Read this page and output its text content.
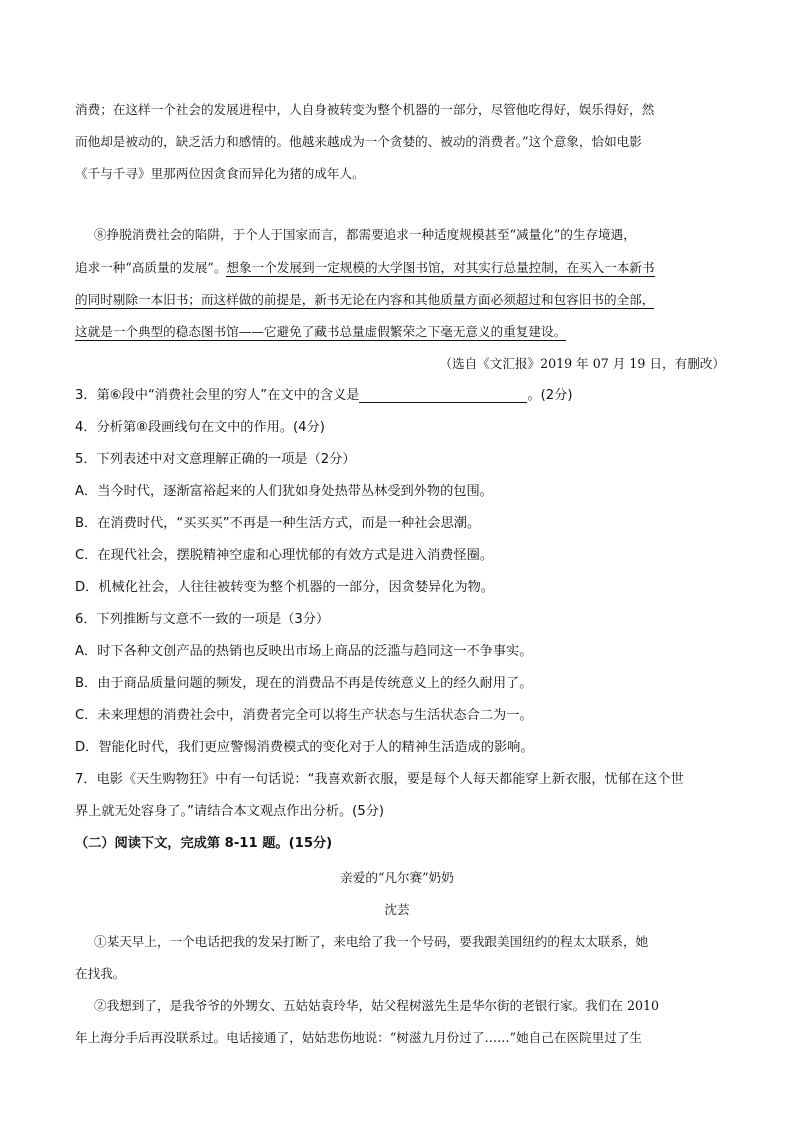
消费；在这样一个社会的发展进程中，人自身被转变为整个机器的一部分，尽管他吃得好，娱乐得好，然
而他却是被动的，缺乏活力和感情的。他越来越成为一个贪婪的、被动的消费者。”这个意象，恰如电影
《千与千寻》里那两位因贪食而异化为猪的成年人。
⑧挣脱消费社会的陷阱，于个人于国家而言，都需要追求一种适度规模甚至“减量化”的生存境遇，
追求一种“高质量的发展”。想象一个发展到一定规模的大学图书馆，对其实行总量控制，在买入一本新书
的同时剔除一本旧书；而这样做的前提是，新书无论在内容和其他质量方面必须超过和包容旧书的全部，
这就是一个典型的稳态图书馆——它避免了藏书总量虚假繁荣之下毫无意义的重复建设。
（选自《文汇报》2019 年 07 月 19 日，有删改）
3．第⑥段中“消费社会里的穷人”在文中的含义是	。(2分)
4．分析第⑧段画线句在文中的作用。(4分)
5．下列表述中对文意理解正确的一项是（2分）
A．当今时代，逐渐富裕起来的人们犹如身处热带丛林受到外物的包围。
B．在消费时代，“买买买”不再是一种生活方式，而是一种社会思潮。
C．在现代社会，摆脱精神空虚和心理忧郁的有效方式是进入消费怪圈。
D．机械化社会，人往往被转变为整个机器的一部分，因贪婪异化为物。
6．下列推断与文意不一致的一项是（3分）
A．时下各种文创产品的热销也反映出市场上商品的泛滥与趋同这一不争事实。
B．由于商品质量问题的频发，现在的消费品不再是传统意义上的经久耐用了。
C．未来理想的消费社会中，消费者完全可以将生产状态与生活状态合二为一。
D．智能化时代，我们更应警惕消费模式的变化对于人的精神生活造成的影响。
7．电影《天生购物狂》中有一句话说：“我喜欢新衣服，要是每个人每天都能穿上新衣服，忧郁在这个世
界上就无处容身了。”请结合本文观点作出分析。(5分)
（二）阅读下文，完成第 8-11 题。(15分)
亲爱的“凡尔赛”奶奶
沈芸
①某天早上，一个电话把我的发呆打断了，来电给了我一个号码，要我跟美国纽约的程太太联系，她
在找我。
②我想到了，是我爷爷的外甥女、五姑姑袁玲华，姑父程树滋先生是华尔街的老银行家。我们在 2010
年上海分手后再没联系过。电话接通了，姑姑悲伤地说：“树滋九月份过了……”她自己在医院里过了生
